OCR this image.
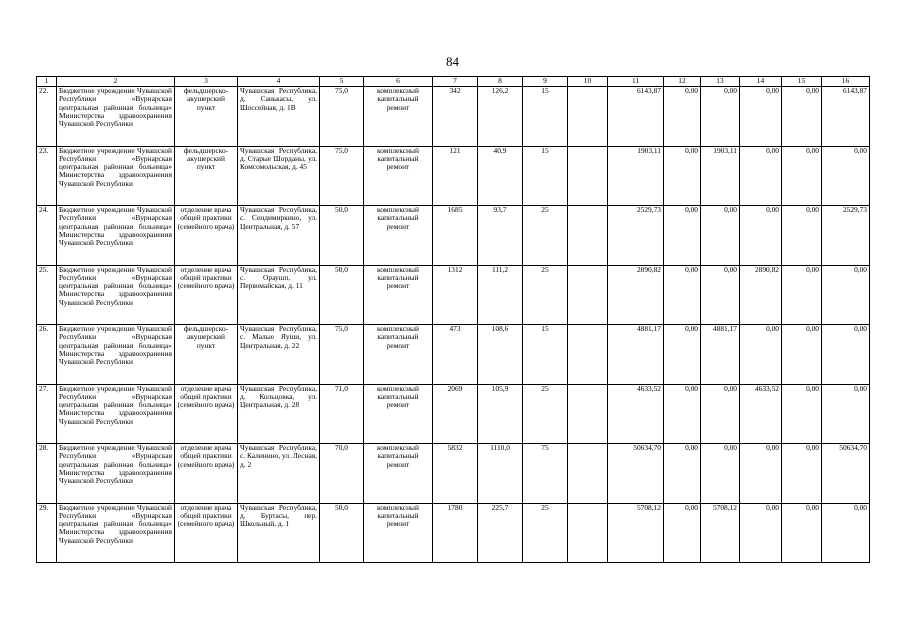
84
1	2	3	4	5	6	7	8	9	10	11	12	13	14	15	16
22.	Бюджетное учреждение Чувашской Республики «Вурнарская центральная районная больница» Министерства здравоохранения Чувашской Республики	фельдшерско-акушерский пункт	Чувашская Республика, д. Санькасы, ул. Шоссейная, д. 1В	75,0	комплексный капитальный ремонт	342	126,2	15		6143,87	0,00	0,00	0,00	0,00	6143,87
23.	Бюджетное учреждение Чувашской Республики «Вурнарская центральная районная больница» Министерства здравоохранения Чувашской Республики	фельдшерско-акушерский пункт	Чувашская Республика, д. Старые Шорданы, ул. Комсомольская, д. 45	75,0	комплексный капитальный ремонт	121	40,9	15		1903,11	0,00	1903,11	0,00	0,00	0,00
24.	Бюджетное учреждение Чувашской Республики «Вурнарская центральная районная больница» Министерства здравоохранения Чувашской Республики	отделение врача общей практики (семейного врача)	Чувашская Республика, с. Сендимиркино, ул. Центральная, д. 57	50,0	комплексный капитальный ремонт	1685	93,7	25		2529,73	0,00	0,00	0,00	0,00	2529,73
25.	Бюджетное учреждение Чувашской Республики «Вурнарская центральная районная больница» Министерства здравоохранения Чувашской Республики	отделение врача общей практики (семейного врача)	Чувашская Республика, с. Ораушп, ул. Первомайская, д. 11	50,0	комплексный капитальный ремонт	1312	111,2	25		2890,82	0,00	0,00	2890,82	0,00	0,00
26.	Бюджетное учреждение Чувашской Республики «Вурнарская центральная районная больница» Министерства здравоохранения Чувашской Республики	фельдшерско-акушерский пункт	Чувашская Республика, с. Малые Яуши, ул. Центральная, д. 22	75,0	комплексный капитальный ремонт	473	108,6	15		4881,17	0,00	4881,17	0,00	0,00	0,00
27.	Бюджетное учреждение Чувашской Республики «Вурнарская центральная районная больница» Министерства здравоохранения Чувашской Республики	отделение врача общей практики (семейного врача)	Чувашская Республика, д. Кольцовка, ул. Центральная, д. 28	71,0	комплексный капитальный ремонт	2069	105,9	25		4633,52	0,00	0,00	4633,52	0,00	0,00
28.	Бюджетное учреждение Чувашской Республики «Вурнарская центральная районная больница» Министерства здравоохранения Чувашской Республики	отделение врача общей практики (семейного врача)	Чувашская Республика, с. Калинино, ул. Лесная, д. 2	70,0	комплексный капитальный ремонт	5832	1110,0	75		50634,70	0,00	0,00	0,00	0,00	50634,70
29.	Бюджетное учреждение Чувашской Республики «Вурнарская центральная районная больница» Министерства здравоохранения Чувашской Республики	отделение врача общей практики (семейного врача)	Чувашская Республика, д. Буртасы, пер. Школьный, д. 1	50,0	комплексный капитальный ремонт	1780	225,7	25		5708,12	0,00	5708,12	0,00	0,00	0,00
